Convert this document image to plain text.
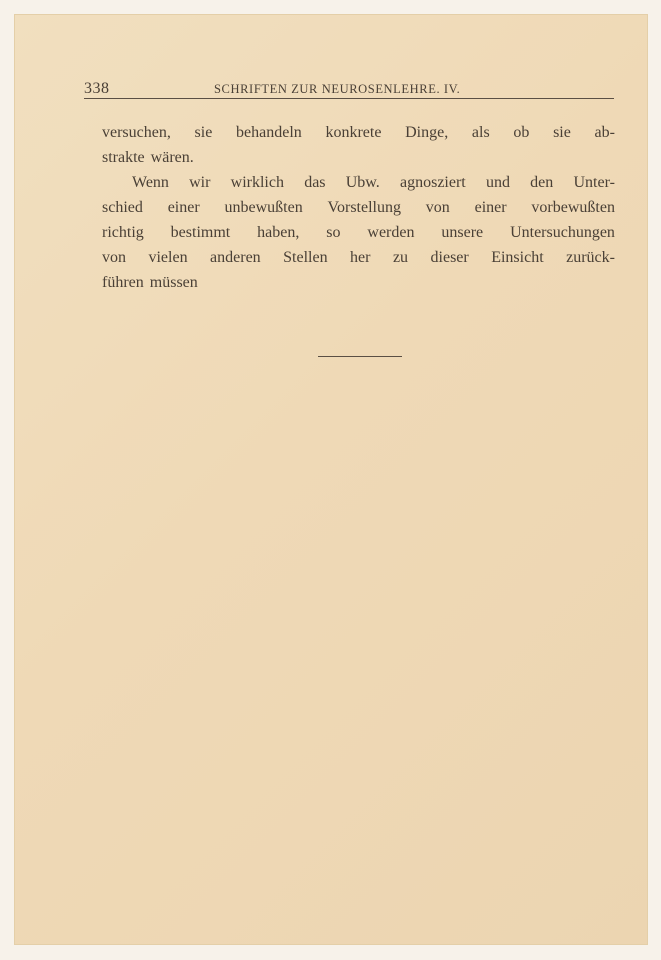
338	SCHRIFTEN ZUR NEUROSENLEHRE. IV.
versuchen, sie behandeln konkrete Dinge, als ob sie ab-
strakte wären.
Wenn wir wirklich das Ubw. agnosziert und den Unter-
schied einer unbewußten Vorstellung von einer vorbewußten
richtig bestimmt haben, so werden unsere Untersuchungen
von vielen anderen Stellen her zu dieser Einsicht zurück-
führen müssen
